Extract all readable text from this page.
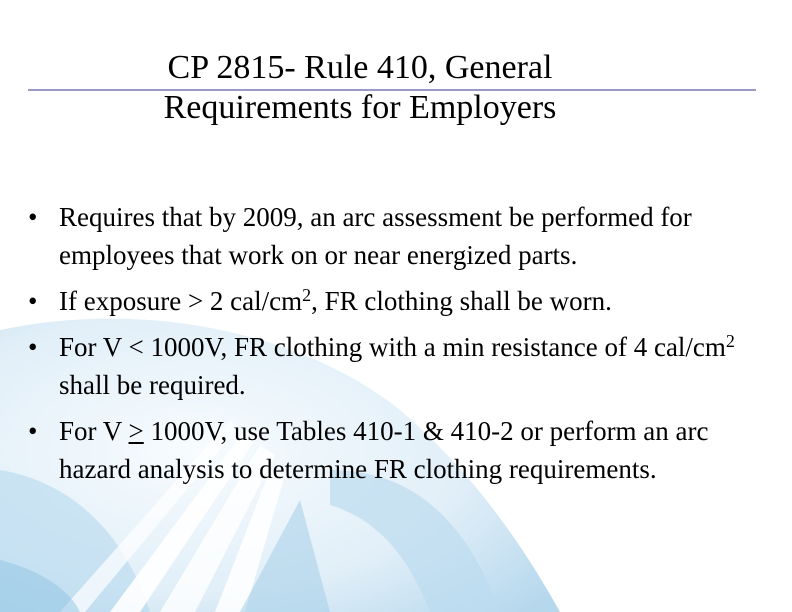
CP 2815- Rule 410, General
Requirements for Employers
• Requires that by 2009, an arc assessment be performed for employees that work on or near energized parts.
• If exposure > 2 cal/$cm^2$, FR clothing shall be worn.
• For V < 1000V, FR clothing with a min resistance of 4 cal/$cm^2$ shall be required.
• For V ≥ 1000V, use Tables 410-1 & 410-2 or perform an arc hazard analysis to determine FR clothing requirements.
